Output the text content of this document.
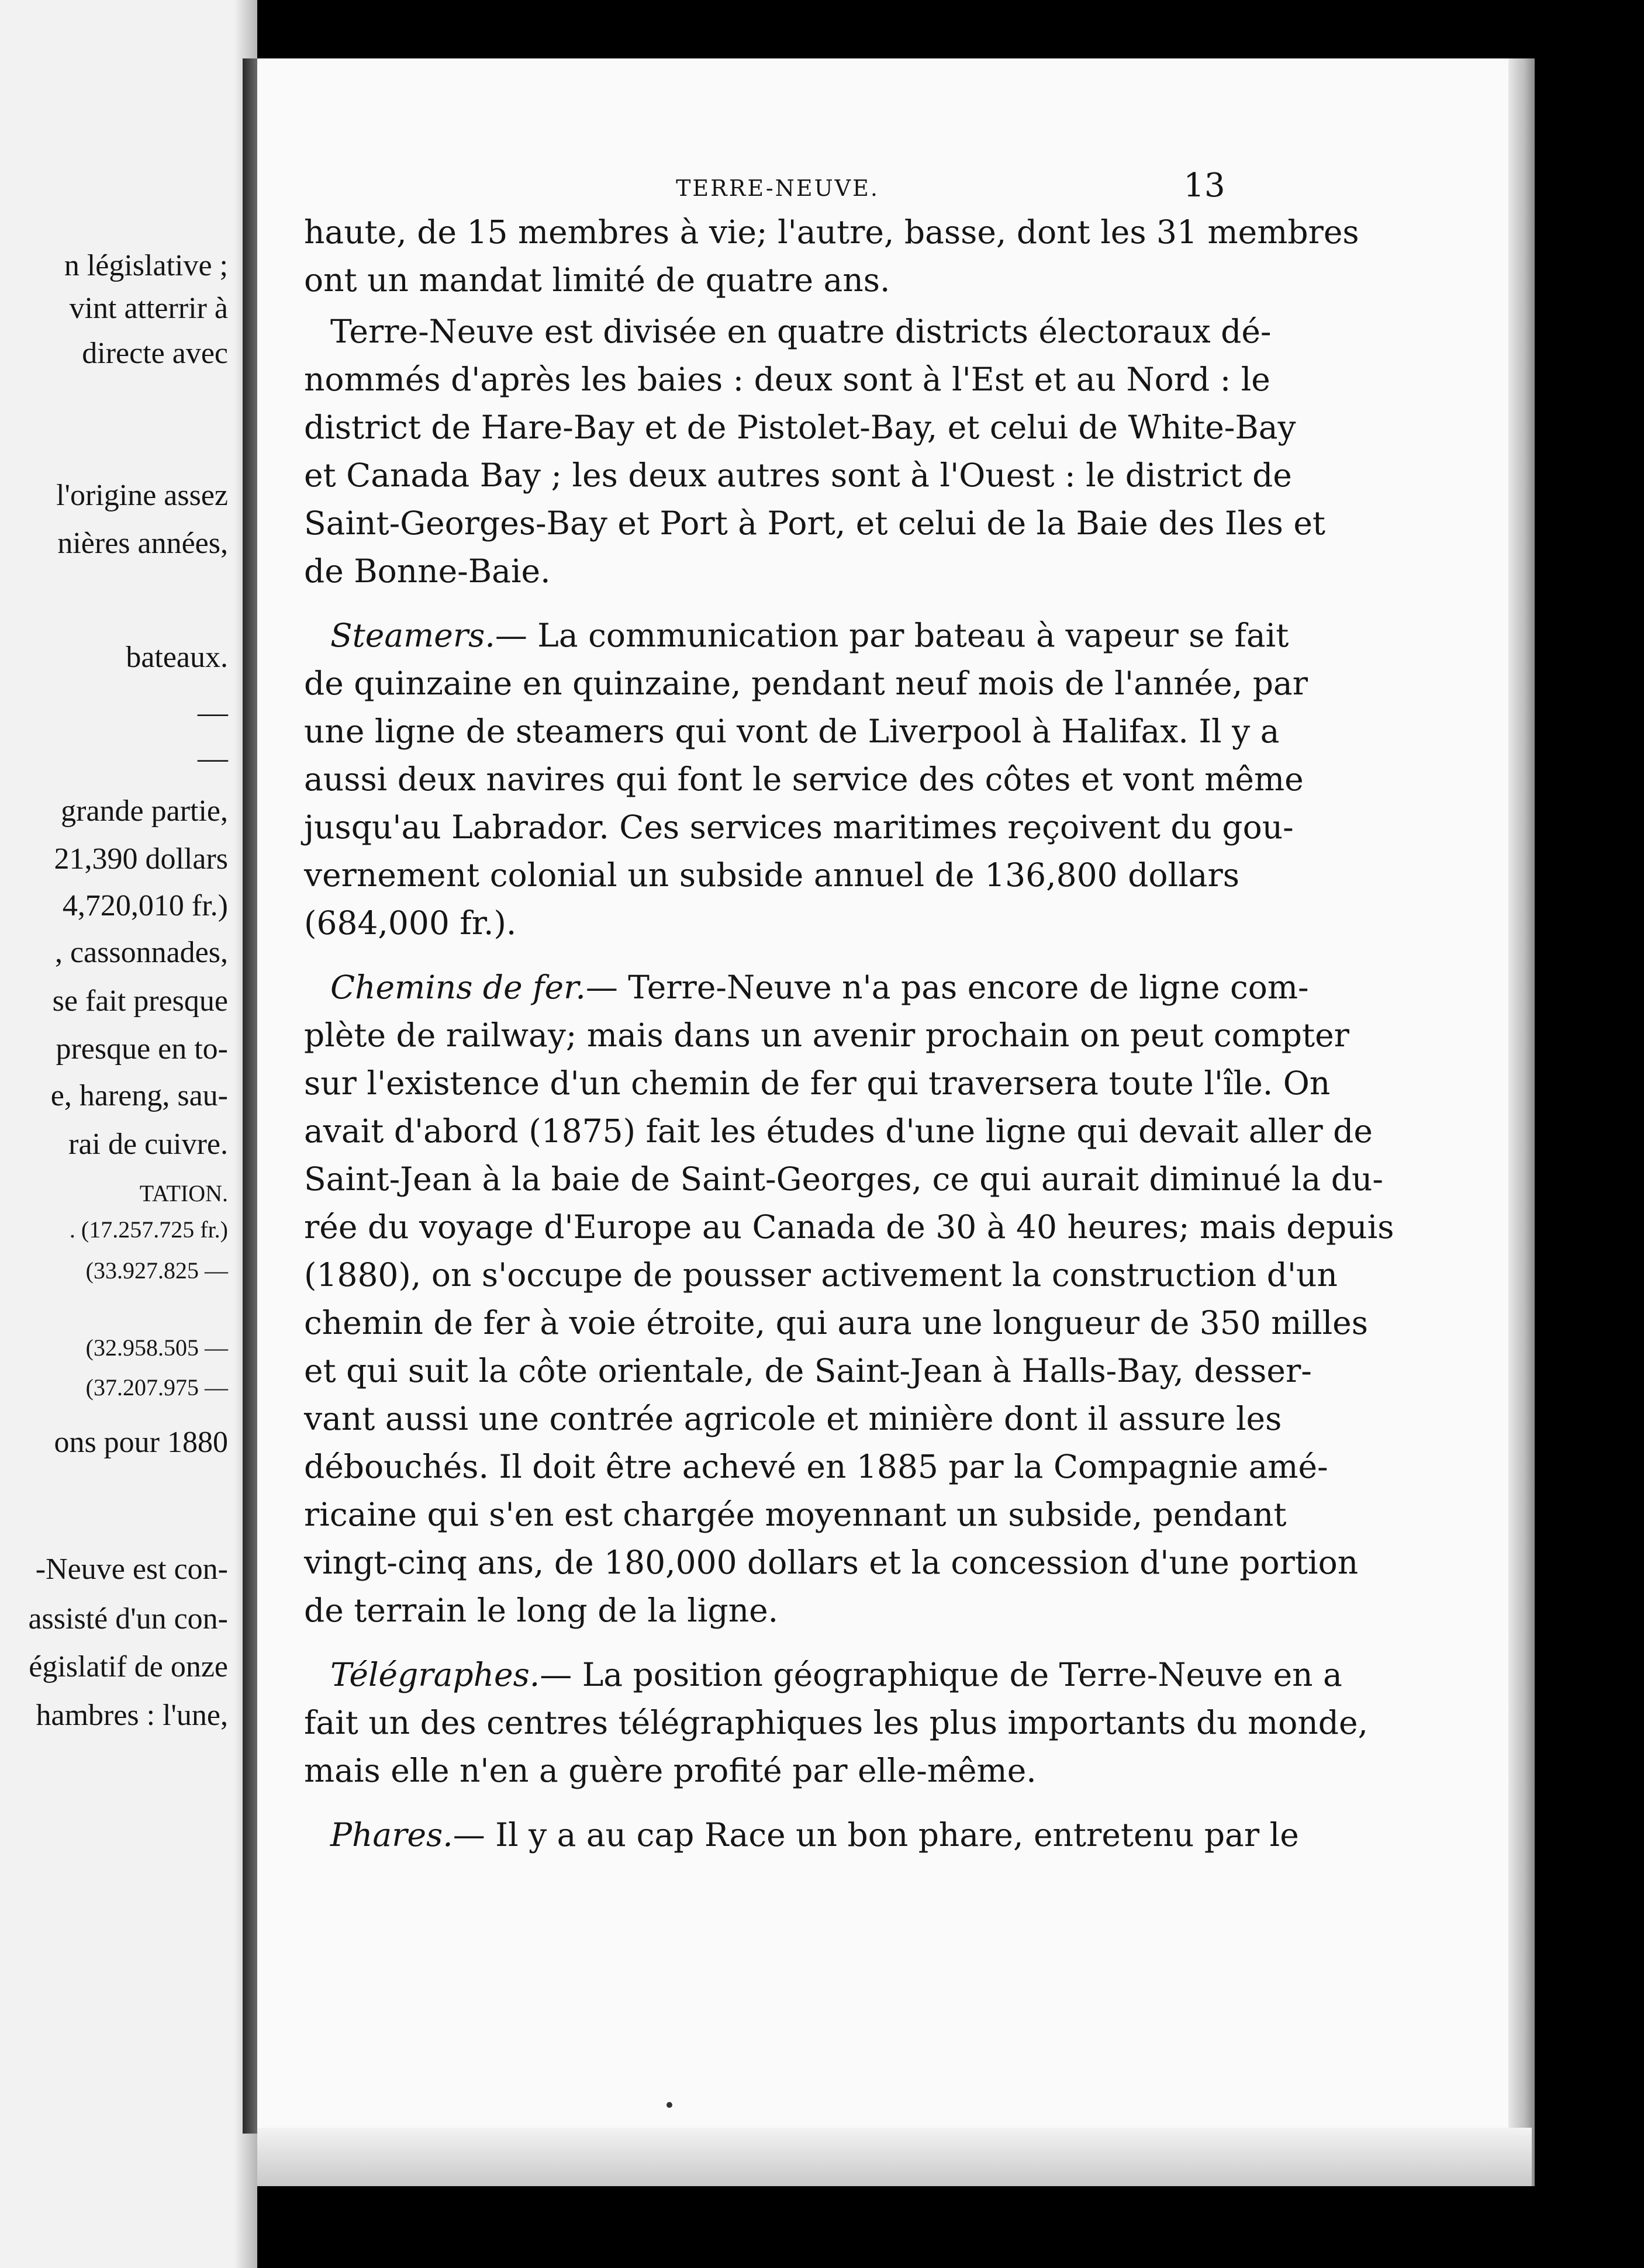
n législative ;
vint atterrir à
directe avec
l'origine assez
nières années,
bateaux.
—
—
grande partie,
21,390 dollars
4,720,010 fr.)
, cassonnades,
se fait presque
presque en to-
e, hareng, sau-
rai de cuivre.
TATION.
. (17.257.725 fr.)
(33.927.825 —
(32.958.505 —
(37.207.975 —
ons pour 1880
-Neuve est con-
assisté d'un con-
égislatif de onze
hambres : l'une,
TERRE-NEUVE.	13
haute, de 15 membres à vie; l'autre, basse, dont les 31 membres
ont un mandat limité de quatre ans.
Terre-Neuve est divisée en quatre districts électoraux dé-
nommés d'après les baies : deux sont à l'Est et au Nord : le
district de Hare-Bay et de Pistolet-Bay, et celui de White-Bay
et Canada Bay ; les deux autres sont à l'Ouest : le district de
Saint-Georges-Bay et Port à Port, et celui de la Baie des Iles et
de Bonne-Baie.
Steamers.— La communication par bateau à vapeur se fait
de quinzaine en quinzaine, pendant neuf mois de l'année, par
une ligne de steamers qui vont de Liverpool à Halifax. Il y a
aussi deux navires qui font le service des côtes et vont même
jusqu'au Labrador. Ces services maritimes reçoivent du gou-
vernement colonial un subside annuel de 136,800 dollars
(684,000 fr.).
Chemins de fer.— Terre-Neuve n'a pas encore de ligne com-
plète de railway; mais dans un avenir prochain on peut compter
sur l'existence d'un chemin de fer qui traversera toute l'île. On
avait d'abord (1875) fait les études d'une ligne qui devait aller de
Saint-Jean à la baie de Saint-Georges, ce qui aurait diminué la du-
rée du voyage d'Europe au Canada de 30 à 40 heures; mais depuis
(1880), on s'occupe de pousser activement la construction d'un
chemin de fer à voie étroite, qui aura une longueur de 350 milles
et qui suit la côte orientale, de Saint-Jean à Halls-Bay, desser-
vant aussi une contrée agricole et minière dont il assure les
débouchés. Il doit être achevé en 1885 par la Compagnie amé-
ricaine qui s'en est chargée moyennant un subside, pendant
vingt-cinq ans, de 180,000 dollars et la concession d'une portion
de terrain le long de la ligne.
Télégraphes.— La position géographique de Terre-Neuve en a
fait un des centres télégraphiques les plus importants du monde,
mais elle n'en a guère profité par elle-même.
Phares.— Il y a au cap Race un bon phare, entretenu par le
